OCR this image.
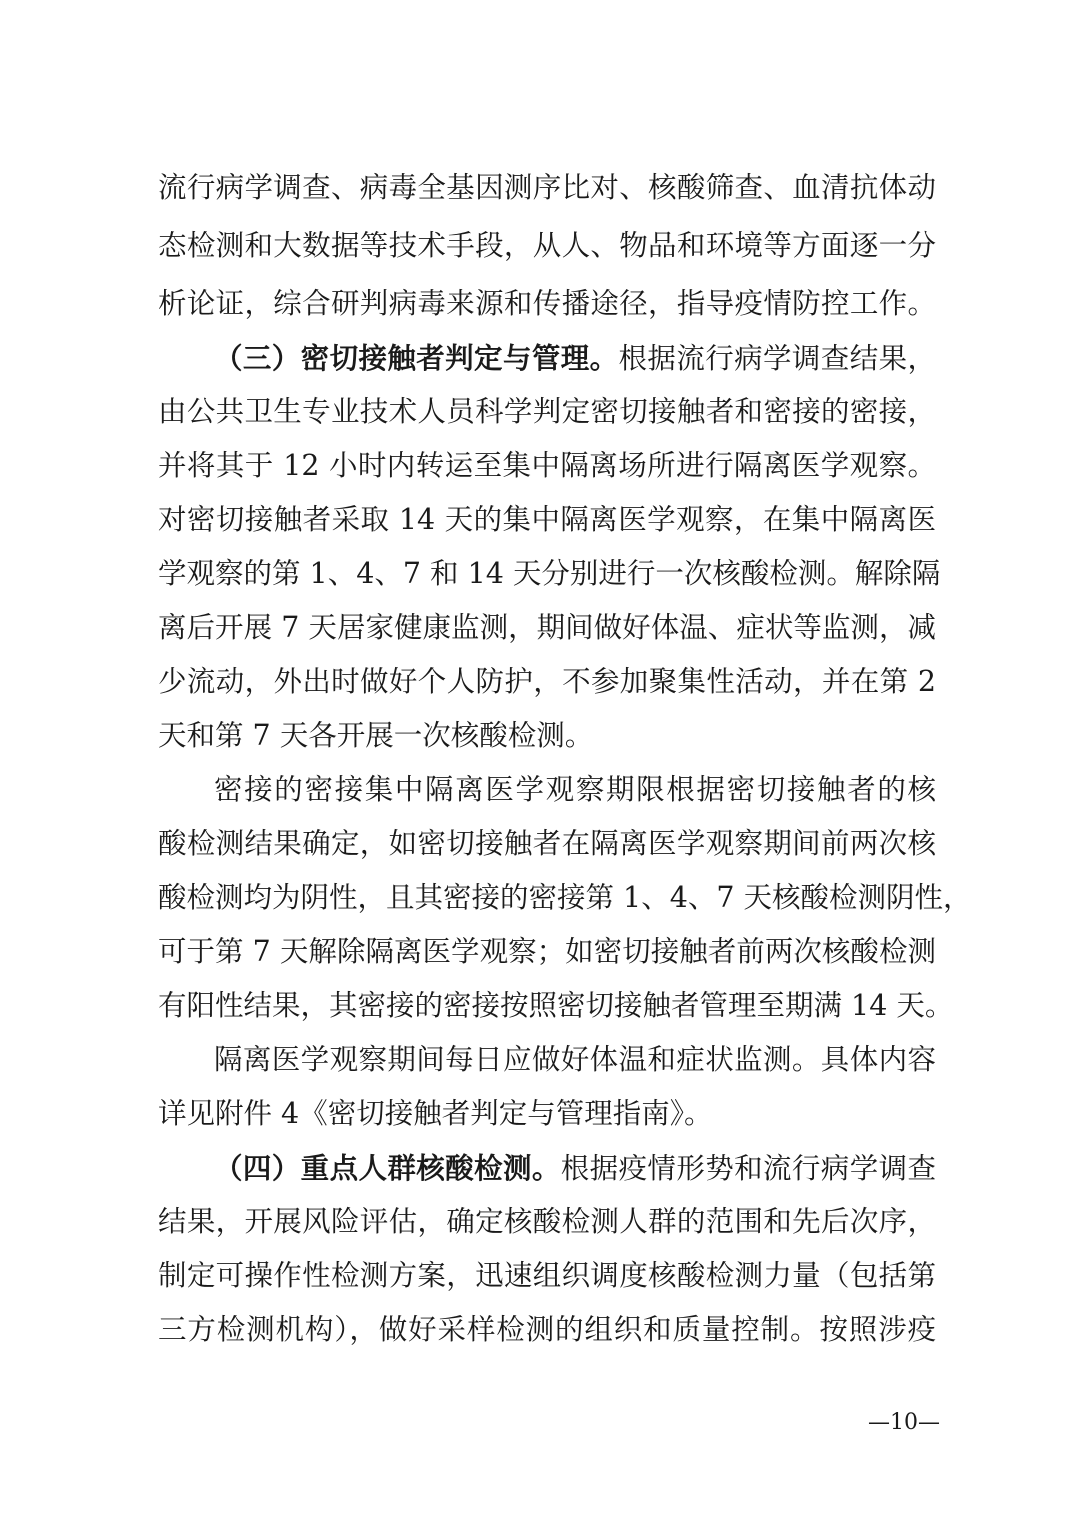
流行病学调查、病毒全基因测序比对、核酸筛查、血清抗体动
态检测和大数据等技术手段，从人、物品和环境等方面逐一分
析论证，综合研判病毒来源和传播途径，指导疫情防控工作。
（三）密切接触者判定与管理。根据流行病学调查结果，
由公共卫生专业技术人员科学判定密切接触者和密接的密接，
并将其于 12 小时内转运至集中隔离场所进行隔离医学观察。
对密切接触者采取 14 天的集中隔离医学观察，在集中隔离医
学观察的第 1、4、7 和 14 天分别进行一次核酸检测。解除隔
离后开展 7 天居家健康监测，期间做好体温、症状等监测，减
少流动，外出时做好个人防护，不参加聚集性活动，并在第 2
天和第 7 天各开展一次核酸检测。
密接的密接集中隔离医学观察期限根据密切接触者的核
酸检测结果确定，如密切接触者在隔离医学观察期间前两次核
酸检测均为阴性，且其密接的密接第 1、4、7 天核酸检测阴性，
可于第 7 天解除隔离医学观察；如密切接触者前两次核酸检测
有阳性结果，其密接的密接按照密切接触者管理至期满 14 天。
隔离医学观察期间每日应做好体温和症状监测。具体内容
详见附件 4《密切接触者判定与管理指南》。
（四）重点人群核酸检测。根据疫情形势和流行病学调查
结果，开展风险评估，确定核酸检测人群的范围和先后次序，
制定可操作性检测方案，迅速组织调度核酸检测力量（包括第
三方检测机构），做好采样检测的组织和质量控制。按照涉疫
—10—
